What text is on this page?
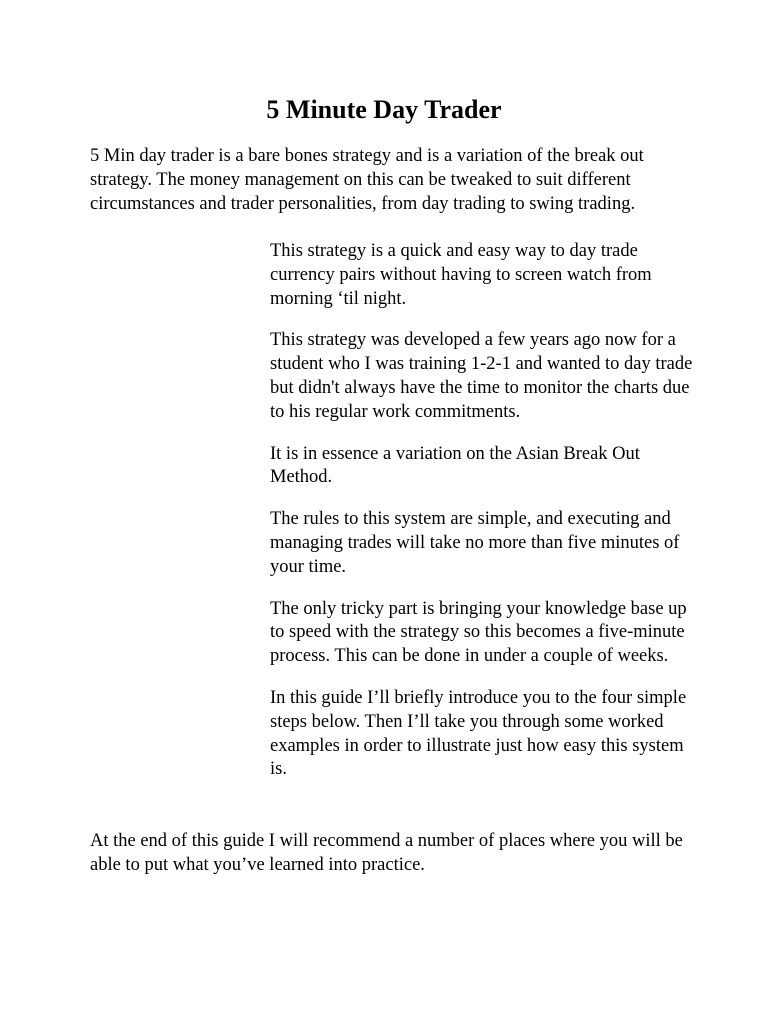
5 Minute Day Trader

5 Min day trader is a bare bones strategy and is a variation of the break out strategy. The money management on this can be tweaked to suit different circumstances and trader personalities, from day trading to swing trading.

This strategy is a quick and easy way to day trade currency pairs without having to screen watch from morning ‘til night.

This strategy was developed a few years ago now for a student who I was training 1-2-1 and wanted to day trade but didn't always have the time to monitor the charts due to his regular work commitments.

It is in essence a variation on the Asian Break Out Method.

The rules to this system are simple, and executing and managing trades will take no more than five minutes of your time.

The only tricky part is bringing your knowledge base up to speed with the strategy so this becomes a five-minute process. This can be done in under a couple of weeks.

In this guide I’ll briefly introduce you to the four simple steps below. Then I’ll take you through some worked examples in order to illustrate just how easy this system is.

At the end of this guide I will recommend a number of places where you will be able to put what you’ve learned into practice.
